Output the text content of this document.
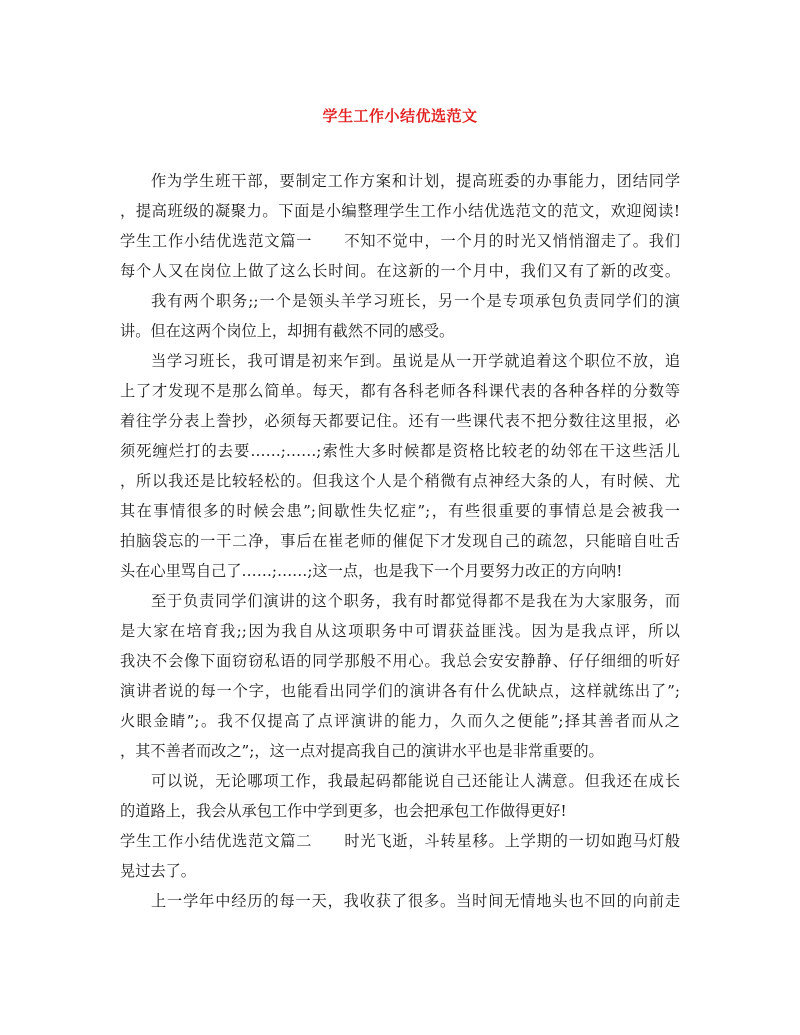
学生工作小结优选范文
作为学生班干部，要制定工作方案和计划，提高班委的办事能力，团结同学
，提高班级的凝聚力。下面是小编整理学生工作小结优选范文的范文，欢迎阅读!
学生工作小结优选范文篇一　　不知不觉中，一个月的时光又悄悄溜走了。我们
每个人又在岗位上做了这么长时间。在这新的一个月中，我们又有了新的改变。
我有两个职务;;一个是领头羊学习班长，另一个是专项承包负责同学们的演
讲。但在这两个岗位上，却拥有截然不同的感受。
当学习班长，我可谓是初来乍到。虽说是从一开学就追着这个职位不放，追
上了才发现不是那么简单。每天，都有各科老师各科课代表的各种各样的分数等
着往学分表上誊抄，必须每天都要记住。还有一些课代表不把分数往这里报，必
须死缠烂打的去要……;……;索性大多时候都是资格比较老的幼邻在干这些活儿
，所以我还是比较轻松的。但我这个人是个稍微有点神经大条的人，有时候、尤
其在事情很多的时候会患”;间歇性失忆症”;，有些很重要的事情总是会被我一
拍脑袋忘的一干二净，事后在崔老师的催促下才发现自己的疏忽，只能暗自吐舌
头在心里骂自己了……;……;这一点，也是我下一个月要努力改正的方向呐!
至于负责同学们演讲的这个职务，我有时都觉得都不是我在为大家服务，而
是大家在培育我;;因为我自从这项职务中可谓获益匪浅。因为是我点评，所以
我决不会像下面窃窃私语的同学那般不用心。我总会安安静静、仔仔细细的听好
演讲者说的每一个字，也能看出同学们的演讲各有什么优缺点，这样就练出了”;
火眼金睛”;。我不仅提高了点评演讲的能力，久而久之便能”;择其善者而从之
，其不善者而改之”;，这一点对提高我自己的演讲水平也是非常重要的。
可以说，无论哪项工作，我最起码都能说自己还能让人满意。但我还在成长
的道路上，我会从承包工作中学到更多，也会把承包工作做得更好!
学生工作小结优选范文篇二　　时光飞逝，斗转星移。上学期的一切如跑马灯般
晃过去了。
上一学年中经历的每一天，我收获了很多。当时间无情地头也不回的向前走
